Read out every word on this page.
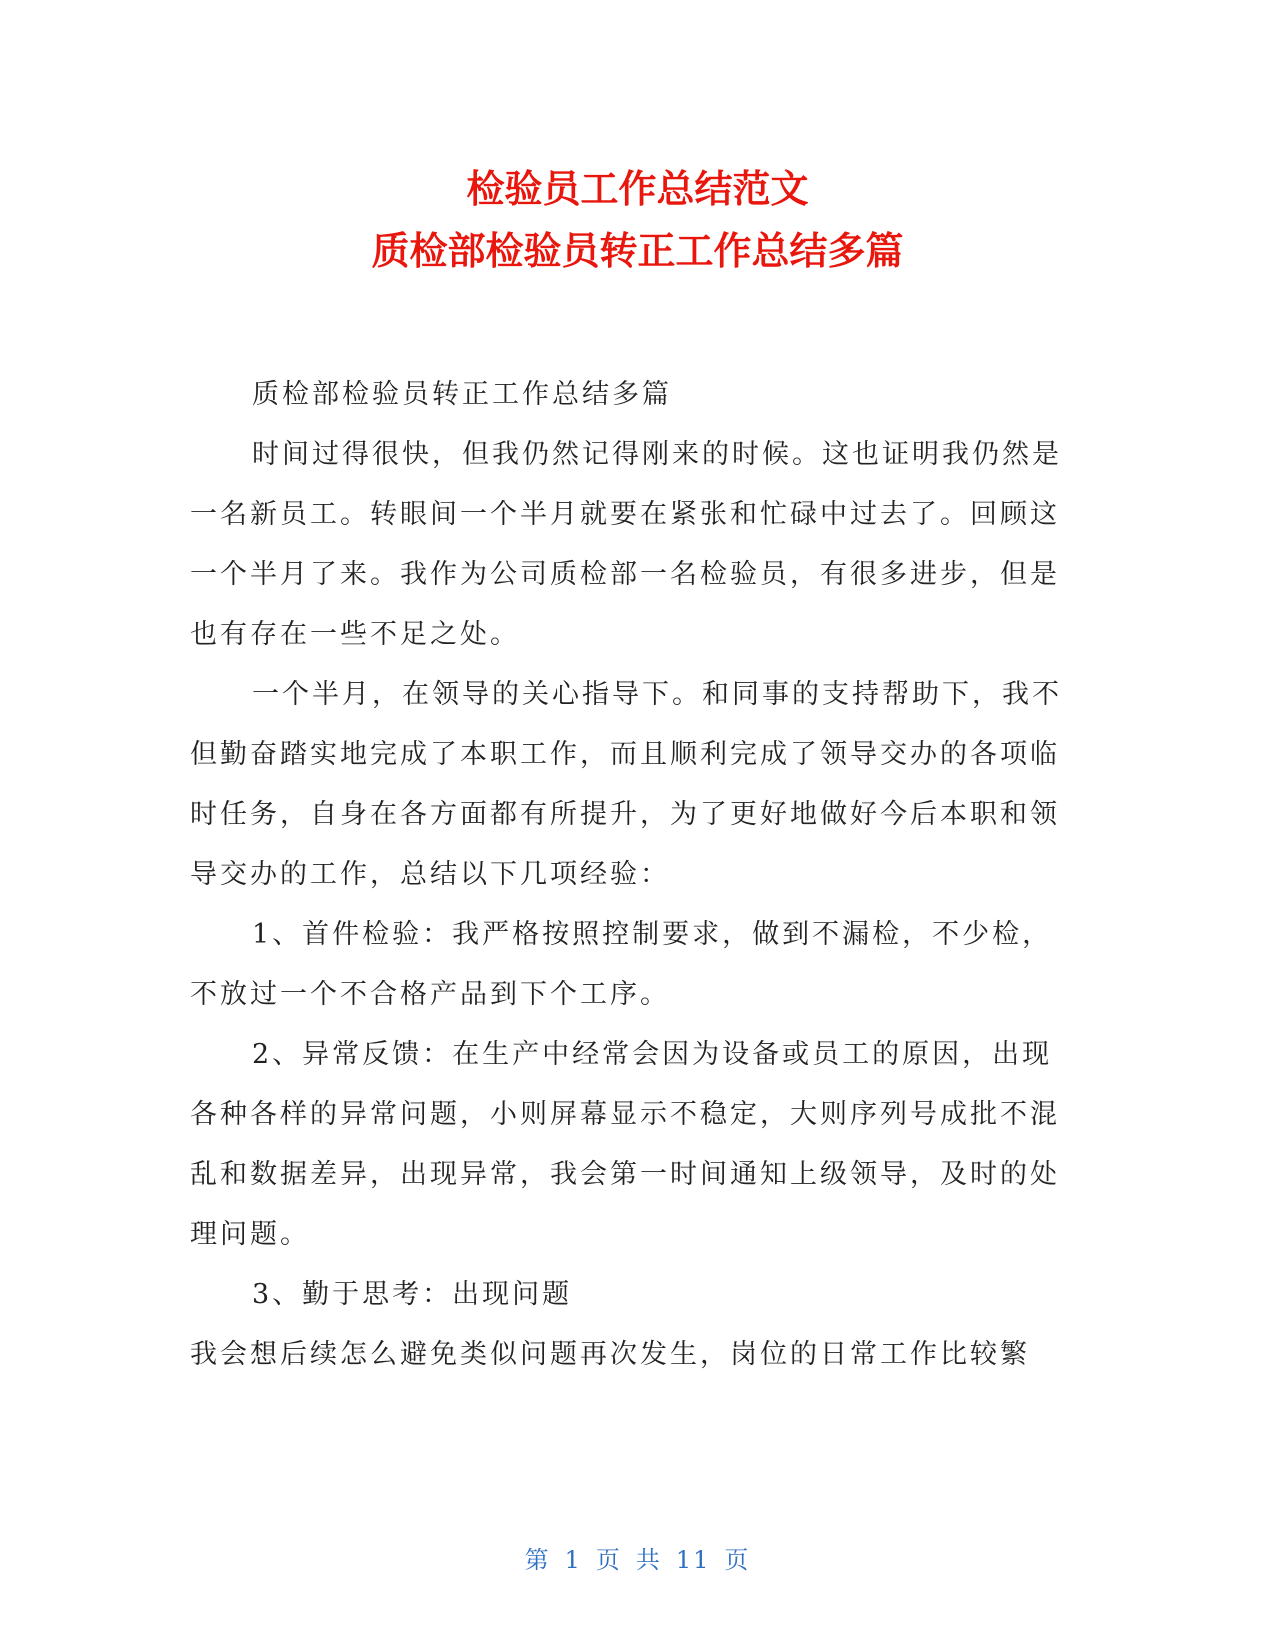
检验员工作总结范文
质检部检验员转正工作总结多篇

质检部检验员转正工作总结多篇

时间过得很快，但我仍然记得刚来的时候。这也证明我仍然是一名新员工。转眼间一个半月就要在紧张和忙碌中过去了。回顾这一个半月了来。我作为公司质检部一名检验员，有很多进步，但是也有存在一些不足之处。

一个半月，在领导的关心指导下。和同事的支持帮助下，我不但勤奋踏实地完成了本职工作，而且顺利完成了领导交办的各项临时任务，自身在各方面都有所提升，为了更好地做好今后本职和领导交办的工作，总结以下几项经验：

1、首件检验：我严格按照控制要求，做到不漏检，不少检，不放过一个不合格产品到下个工序。

2、异常反馈：在生产中经常会因为设备或员工的原因，出现各种各样的异常问题，小则屏幕显示不稳定，大则序列号成批不混乱和数据差异，出现异常，我会第一时间通知上级领导，及时的处理问题。

3、勤于思考：出现问题

我会想后续怎么避免类似问题再次发生，岗位的日常工作比较繁

第 1 页 共 11 页
